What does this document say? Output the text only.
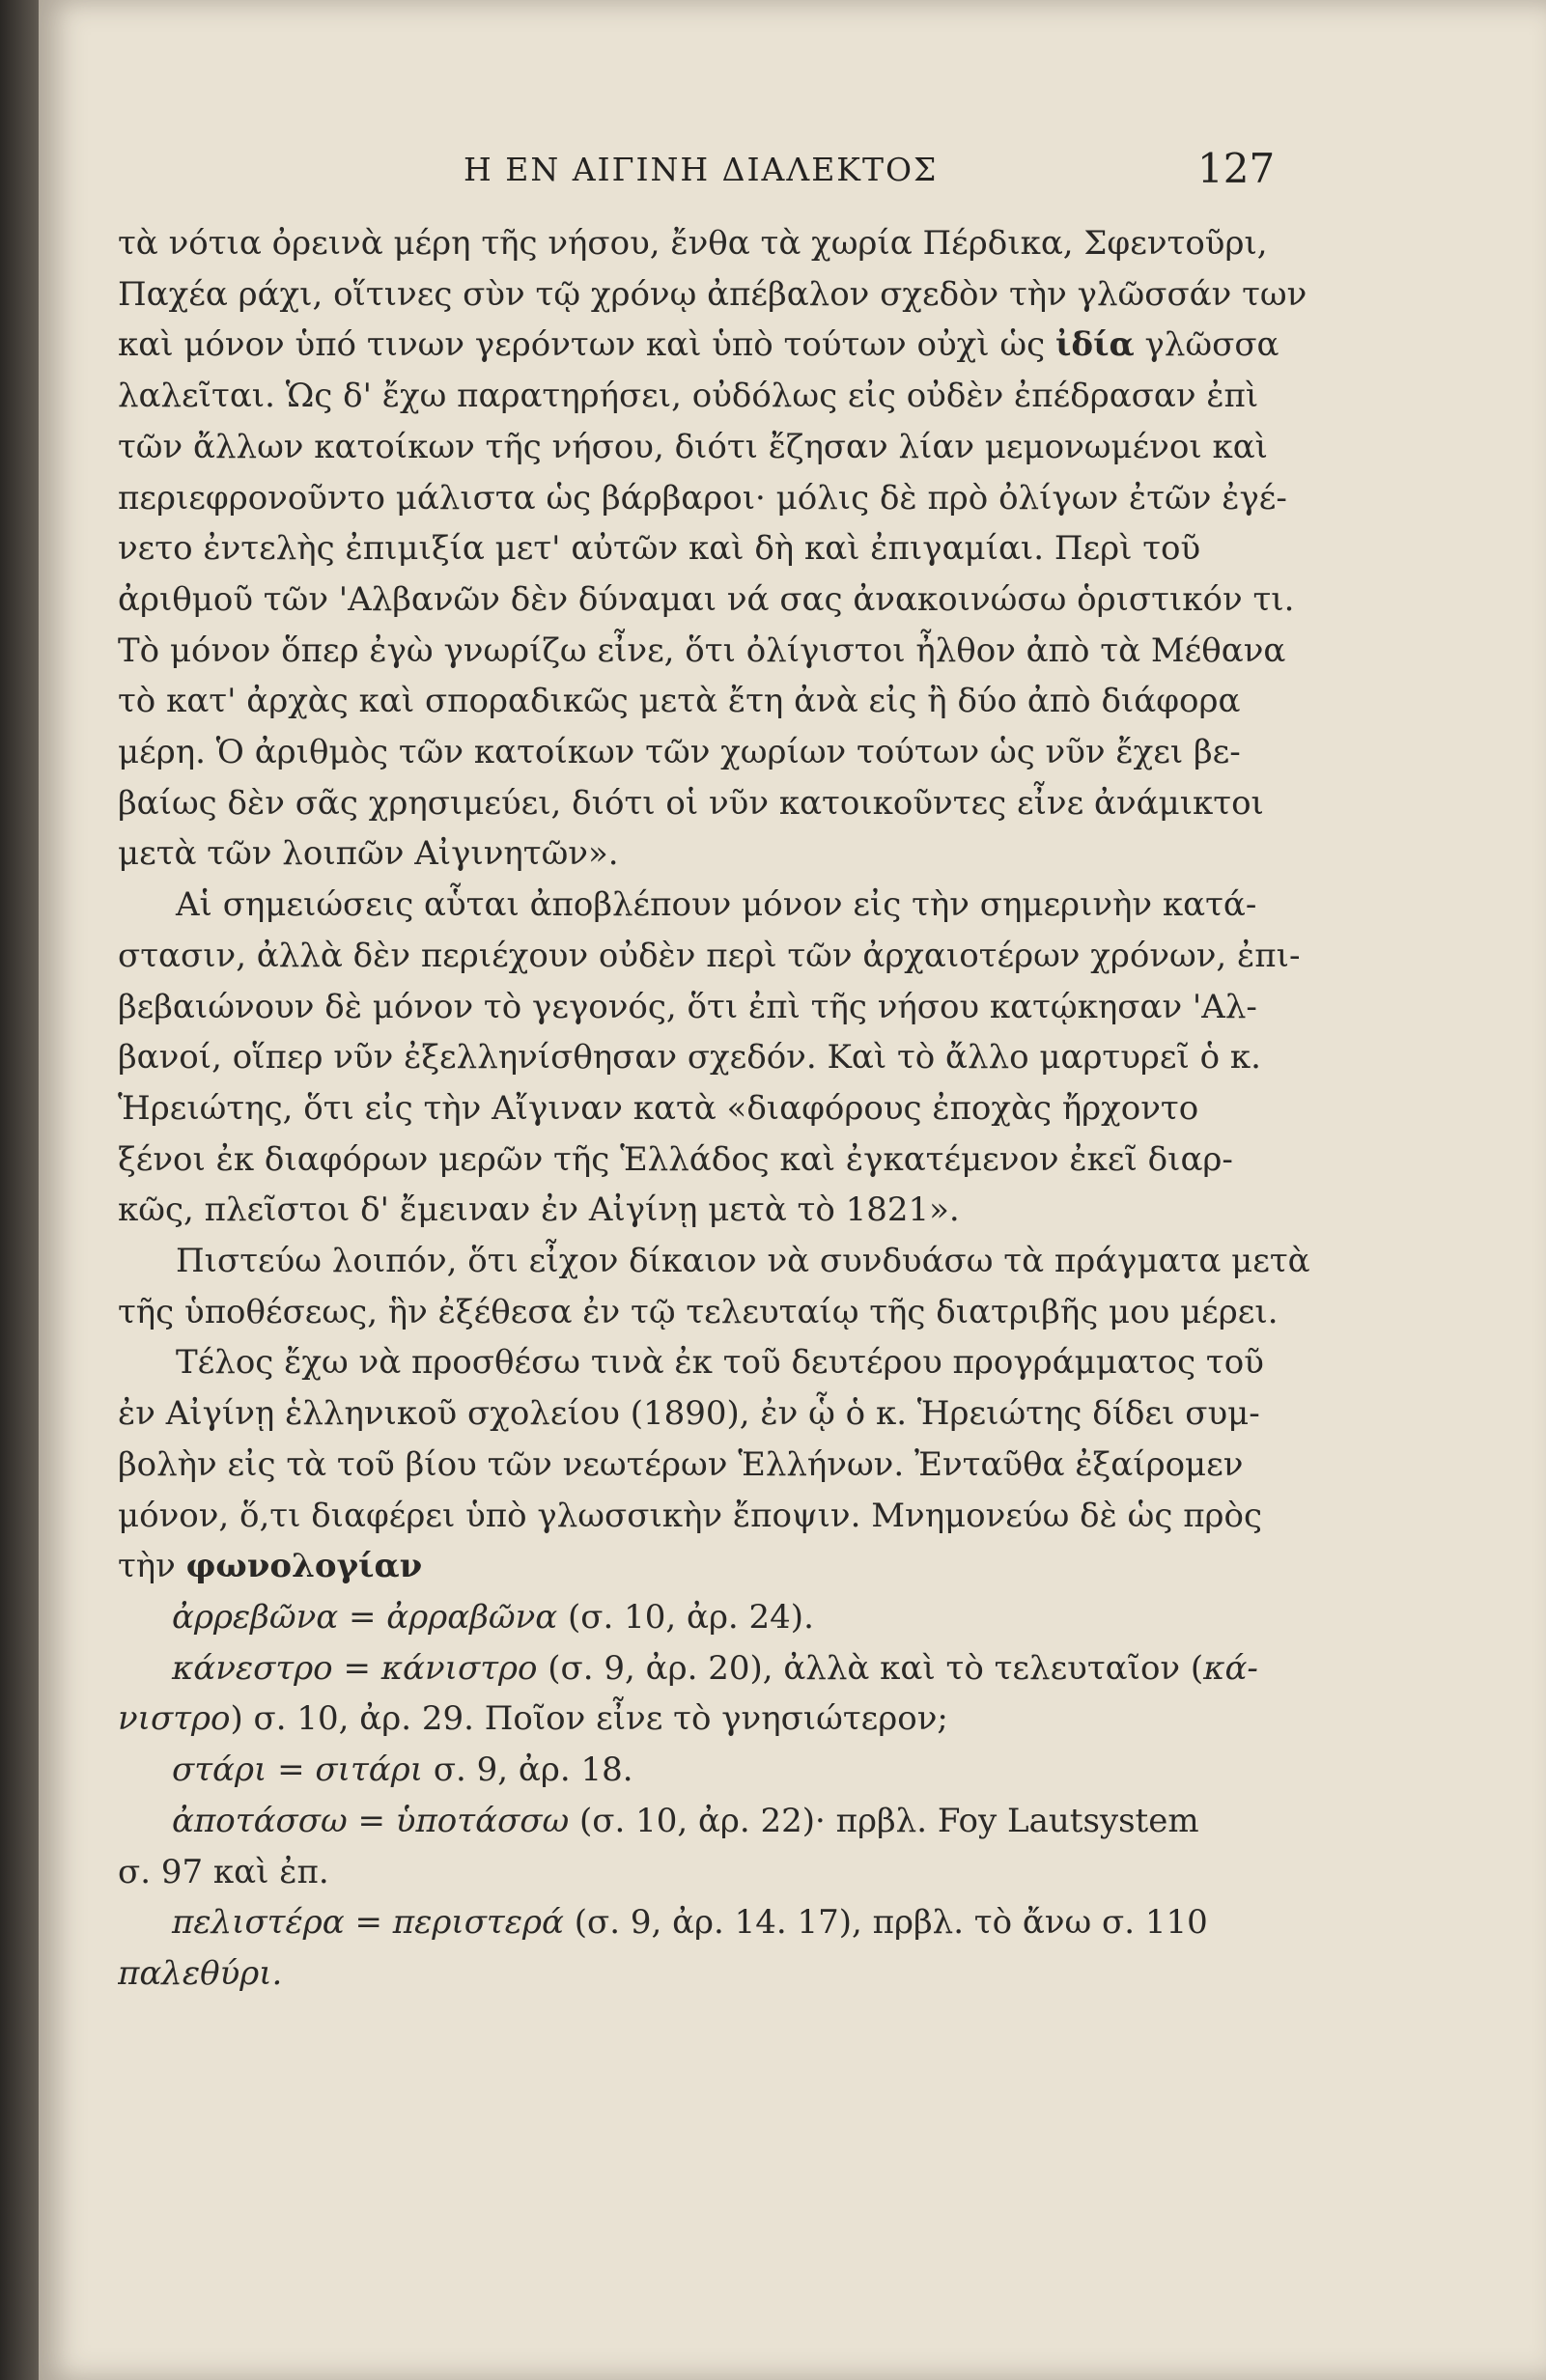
Η ΕΝ ΑΙΓΙΝΗ ΔΙΑΛΕΚΤΟΣ	127
τὰ νότια ὀρεινὰ μέρη τῆς νήσου, ἔνθα τὰ χωρία Πέρδικα, Σφεντοῦρι,
Παχέα ράχι, οἵτινες σὺν τῷ χρόνῳ ἀπέβαλον σχεδὸν τὴν γλῶσσάν των
καὶ μόνον ὑπό τινων γερόντων καὶ ὑπὸ τούτων οὐχὶ ὡς ἰδία γλῶσσα
λαλεῖται. Ὡς δ' ἔχω παρατηρήσει, οὐδόλως εἰς οὐδὲν ἐπέδρασαν ἐπὶ
τῶν ἄλλων κατοίκων τῆς νήσου, διότι ἔζησαν λίαν μεμονωμένοι καὶ
περιεφρονοῦντο μάλιστα ὡς βάρβαροι· μόλις δὲ πρὸ ὀλίγων ἐτῶν ἐγέ-
νετο ἐντελὴς ἐπιμιξία μετ' αὐτῶν καὶ δὴ καὶ ἐπιγαμίαι. Περὶ τοῦ
ἀριθμοῦ τῶν 'Αλβανῶν δὲν δύναμαι νά σας ἀνακοινώσω ὁριστικόν τι.
Τὸ μόνον ὅπερ ἐγὼ γνωρίζω εἶνε, ὅτι ὀλίγιστοι ἦλθον ἀπὸ τὰ Μέθανα
τὸ κατ' ἀρχὰς καὶ σποραδικῶς μετὰ ἔτη ἀνὰ εἰς ἢ δύο ἀπὸ διάφορα
μέρη. Ὁ ἀριθμὸς τῶν κατοίκων τῶν χωρίων τούτων ὡς νῦν ἔχει βε-
βαίως δὲν σᾶς χρησιμεύει, διότι οἱ νῦν κατοικοῦντες εἶνε ἀνάμικτοι
μετὰ τῶν λοιπῶν Αἰγινητῶν».
Αἱ σημειώσεις αὗται ἀποβλέπουν μόνον εἰς τὴν σημερινὴν κατά-
στασιν, ἀλλὰ δὲν περιέχουν οὐδὲν περὶ τῶν ἀρχαιοτέρων χρόνων, ἐπι-
βεβαιώνουν δὲ μόνον τὸ γεγονός, ὅτι ἐπὶ τῆς νήσου κατῴκησαν 'Αλ-
βανοί, οἵπερ νῦν ἐξελληνίσθησαν σχεδόν. Καὶ τὸ ἄλλο μαρτυρεῖ ὁ κ.
Ἡρειώτης, ὅτι εἰς τὴν Αἴγιναν κατὰ «διαφόρους ἐποχὰς ἤρχοντο
ξένοι ἐκ διαφόρων μερῶν τῆς Ἑλλάδος καὶ ἐγκατέμενον ἐκεῖ διαρ-
κῶς, πλεῖστοι δ' ἔμειναν ἐν Αἰγίνῃ μετὰ τὸ 1821».
Πιστεύω λοιπόν, ὅτι εἶχον δίκαιον νὰ συνδυάσω τὰ πράγματα μετὰ
τῆς ὑποθέσεως, ἣν ἐξέθεσα ἐν τῷ τελευταίῳ τῆς διατριβῆς μου μέρει.
Τέλος ἔχω νὰ προσθέσω τινὰ ἐκ τοῦ δευτέρου προγράμματος τοῦ
ἐν Αἰγίνῃ ἑλληνικοῦ σχολείου (1890), ἐν ᾧ ὁ κ. Ἡρειώτης δίδει συμ-
βολὴν εἰς τὰ τοῦ βίου τῶν νεωτέρων Ἑλλήνων. Ἐνταῦθα ἐξαίρομεν
μόνον, ὅ,τι διαφέρει ὑπὸ γλωσσικὴν ἔποψιν. Μνημονεύω δὲ ὡς πρὸς
τὴν φωνολογίαν
ἀρρεβῶνα = ἀρραβῶνα (σ. 10, ἀρ. 24).
κάνεστρο = κάνιστρο (σ. 9, ἀρ. 20), ἀλλὰ καὶ τὸ τελευταῖον (κά-
νιστρο) σ. 10, ἀρ. 29. Ποῖον εἶνε τὸ γνησιώτερον;
στάρι = σιτάρι σ. 9, ἀρ. 18.
ἀποτάσσω = ὑποτάσσω (σ. 10, ἀρ. 22)· πρβλ. Foy Lautsystem
σ. 97 καὶ ἐπ.
πελιστέρα = περιστερά (σ. 9, ἀρ. 14. 17), πρβλ. τὸ ἄνω σ. 110
παλεθύρι.
